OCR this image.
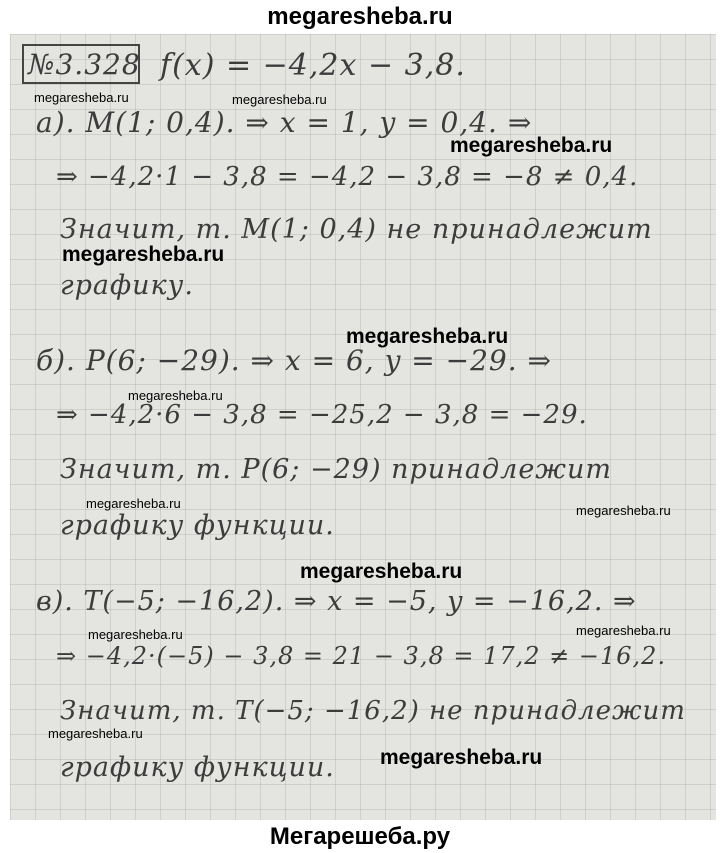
megaresheba.ru
№3.328 f(x) = −4,2x − 3,8.
а). M(1; 0,4). ⇒ x = 1, y = 0,4. ⇒
⇒ −4,2·1 − 3,8 = −4,2 − 3,8 = −8 ≠ 0,4.
Значит, т. M(1; 0,4) не принадлежит
графику.
б). P(6; −29). ⇒ x = 6, y = −29. ⇒
⇒ −4,2·6 − 3,8 = −25,2 − 3,8 = −29.
Значит, т. P(6; −29) принадлежит
графику функции.
в). T(−5; −16,2). ⇒ x = −5, y = −16,2. ⇒
⇒ −4,2·(−5) − 3,8 = 21 − 3,8 = 17,2 ≠ −16,2.
Значит, т. T(−5; −16,2) не принадлежит
графику функции.
megaresheba.ru	megaresheba.ru
megaresheba.ru
megaresheba.ru
megaresheba.ru
megaresheba.ru
megaresheba.ru	megaresheba.ru
megaresheba.ru
megaresheba.ru	megaresheba.ru
megaresheba.ru
megaresheba.ru
Мегарешеба.ру
